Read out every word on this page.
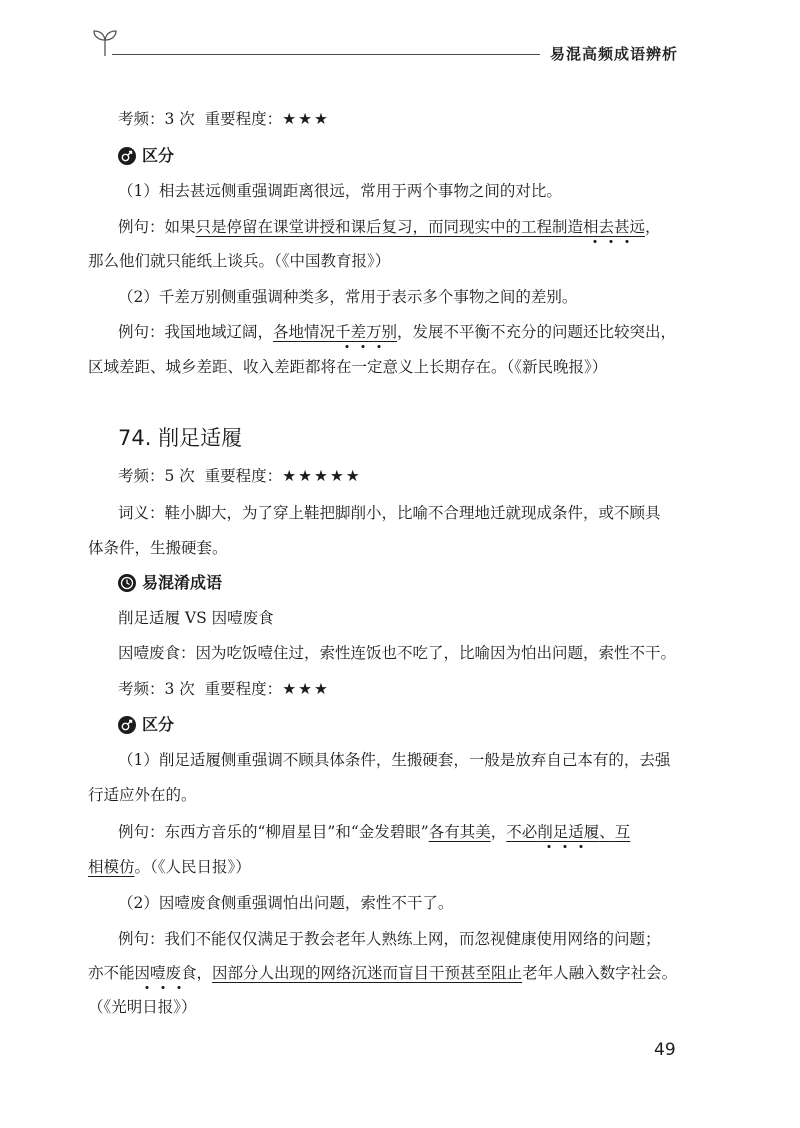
易混高频成语辨析
考频：3 次 重要程度：★★★
区分
（1）相去甚远侧重强调距离很远，常用于两个事物之间的对比。
例句：如果只是停留在课堂讲授和课后复习，而同现实中的工程制造相去甚远，
那么他们就只能纸上谈兵。（《中国教育报》）
（2）千差万别侧重强调种类多，常用于表示多个事物之间的差别。
例句：我国地域辽阔，各地情况千差万别，发展不平衡不充分的问题还比较突出，
区域差距、城乡差距、收入差距都将在一定意义上长期存在。（《新民晚报》）
74. 削足适履
考频：5 次 重要程度：★★★★★
词义：鞋小脚大，为了穿上鞋把脚削小，比喻不合理地迁就现成条件，或不顾具
体条件，生搬硬套。
易混淆成语
削足适履 VS 因噎废食
因噎废食：因为吃饭噎住过，索性连饭也不吃了，比喻因为怕出问题，索性不干。
考频：3 次 重要程度：★★★
区分
（1）削足适履侧重强调不顾具体条件，生搬硬套，一般是放弃自己本有的，去强
行适应外在的。
例句：东西方音乐的“柳眉星目”和“金发碧眼”各有其美，不必削足适履、互
相模仿。（《人民日报》）
（2）因噎废食侧重强调怕出问题，索性不干了。
例句：我们不能仅仅满足于教会老年人熟练上网，而忽视健康使用网络的问题；
亦不能因噎废食，因部分人出现的网络沉迷而盲目干预甚至阻止老年人融入数字社会。
（《光明日报》）
49
